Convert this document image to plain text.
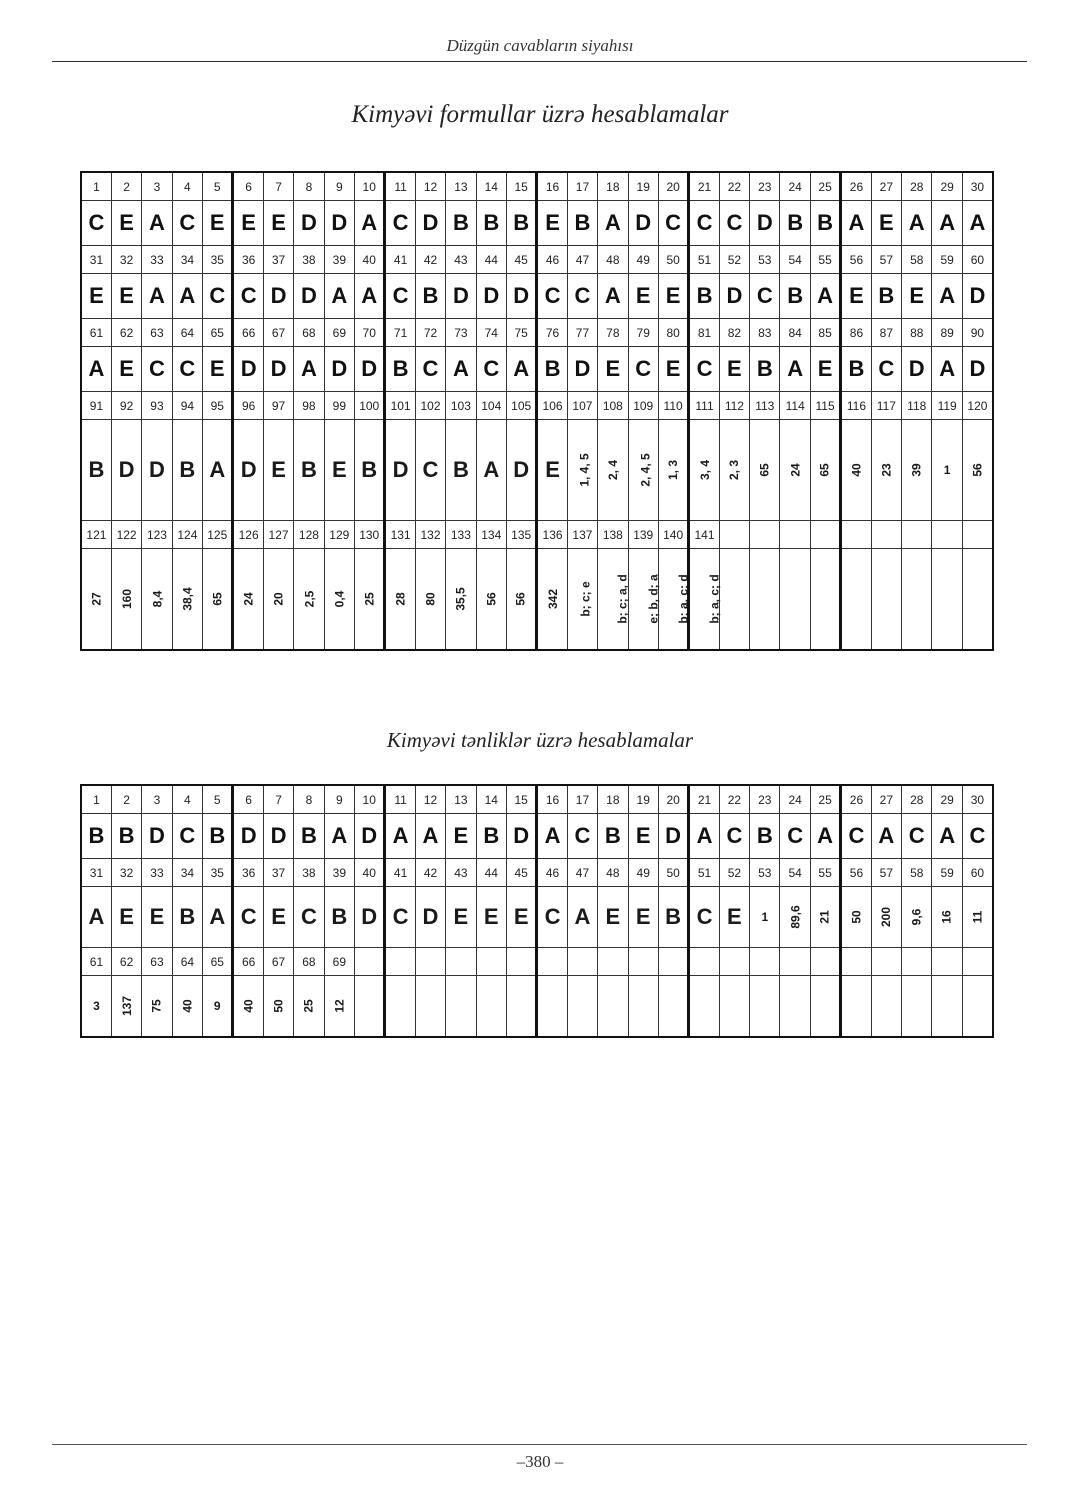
Düzgün cavabların siyahısı
Kimyəvi formullar üzrə hesablamalar
1	2	3	4	5	6	7	8	9	10	11	12	13	14	15	16	17	18	19	20	21	22	23	24	25	26	27	28	29	30
C	E	A	C	E	E	E	D	D	A	C	D	B	B	B	E	B	A	D	C	C	C	D	B	B	A	E	A	A	A
31	32	33	34	35	36	37	38	39	40	41	42	43	44	45	46	47	48	49	50	51	52	53	54	55	56	57	58	59	60
E	E	A	A	C	C	D	D	A	A	C	B	D	D	D	C	C	A	E	E	B	D	C	B	A	E	B	E	A	D
61	62	63	64	65	66	67	68	69	70	71	72	73	74	75	76	77	78	79	80	81	82	83	84	85	86	87	88	89	90
A	E	C	C	E	D	D	A	D	D	B	C	A	C	A	B	D	E	C	E	C	E	B	A	E	B	C	D	A	D
91	92	93	94	95	96	97	98	99	100	101	102	103	104	105	106	107	108	109	110	111	112	113	114	115	116	117	118	119	120
B	D	D	B	A	D	E	B	E	B	D	C	B	A	D	E	1, 4, 5	2, 4	2, 4, 5	1, 3	3, 4	2, 3	65	24	65	40	23	39	1	56
121	122	123	124	125	126	127	128	129	130	131	132	133	134	135	136	137	138	139	140	141									
27	160	8,4	38,4	65	24	20	2,5	0,4	25	28	80	35,5	56	56	342	b; c; e	b; c; a, d	e; b, d; a	b; a, c; d	b; a, c; d									
Kimyəvi tənliklər üzrə hesablamalar
1	2	3	4	5	6	7	8	9	10	11	12	13	14	15	16	17	18	19	20	21	22	23	24	25	26	27	28	29	30
B	B	D	C	B	D	D	B	A	D	A	A	E	B	D	A	C	B	E	D	A	C	B	C	A	C	A	C	A	C
31	32	33	34	35	36	37	38	39	40	41	42	43	44	45	46	47	48	49	50	51	52	53	54	55	56	57	58	59	60
A	E	E	B	A	C	E	C	B	D	C	D	E	E	E	C	A	E	E	B	C	E	1	89,6	21	50	200	9,6	16	11
61	62	63	64	65	66	67	68	69																					
3	137	75	40	9	40	50	25	12																					
–380 –
